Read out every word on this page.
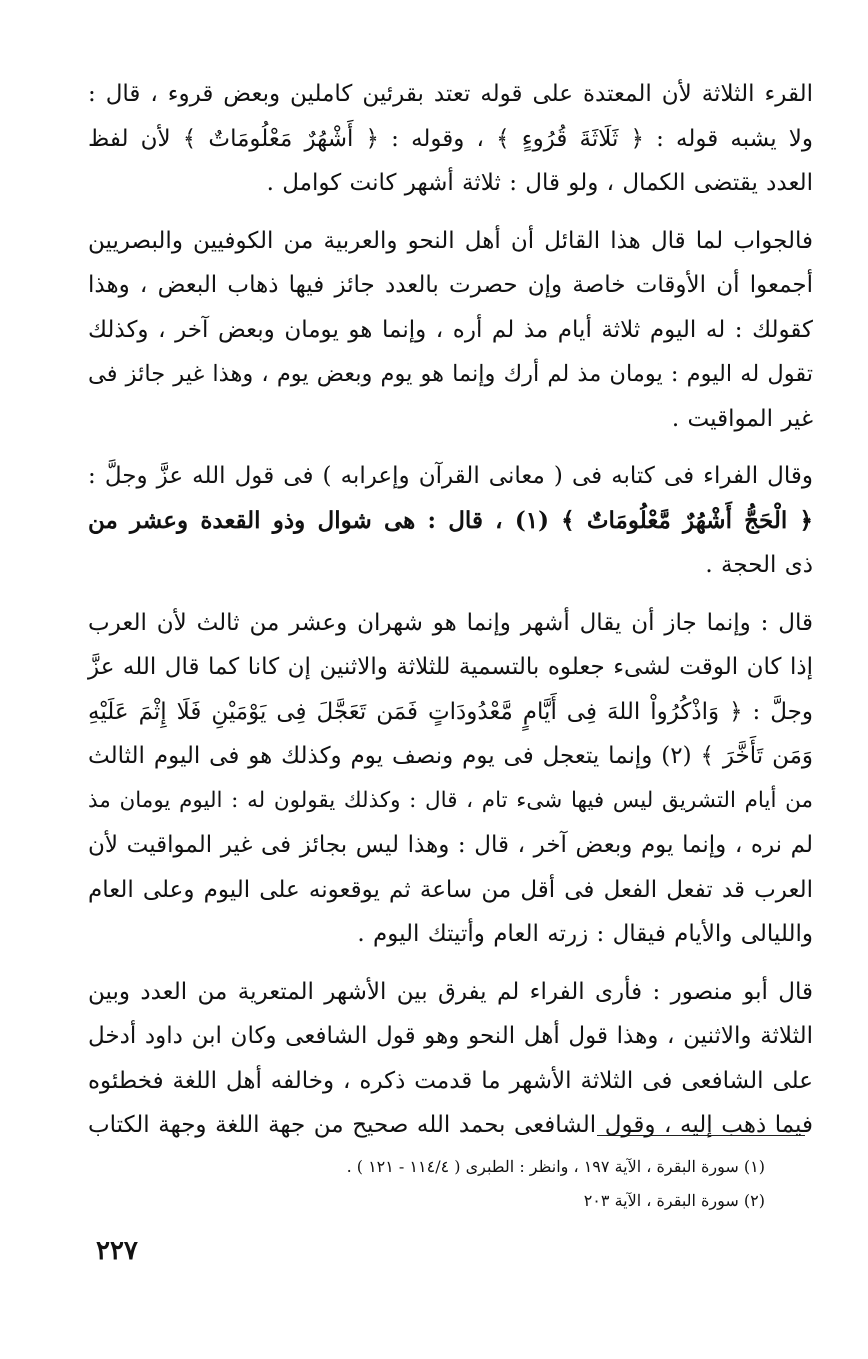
القرء الثلاثة لأن المعتدة على قوله تعتد بقرئين كاملين وبعض قروء ، قال :
ولا يشبه قوله : ﴿ ثَلَاثَةَ قُرُوءٍ ﴾ ، وقوله : ﴿ أَشْهُرٌ مَعْلُومَاتٌ ﴾ لأن لفظ
العدد يقتضى الكمال ، ولو قال : ثلاثة أشهر كانت كوامل .
فالجواب لما قال هذا القائل أن أهل النحو والعربية من الكوفيين والبصريين
أجمعوا أن الأوقات خاصة وإن حصرت بالعدد جائز فيها ذهاب البعض ، وهذا
كقولك : له اليوم ثلاثة أيام مذ لم أره ، وإنما هو يومان وبعض آخر ، وكذلك
تقول له اليوم : يومان مذ لم أرك وإنما هو يوم وبعض يوم ، وهذا غير جائز فى
غير المواقيت .
وقال الفراء فى كتابه فى ( معانى القرآن وإعرابه ) فى قول الله عزَّ وجلَّ :
﴿ الْحَجُّ أَشْهُرٌ مَّعْلُومَاتٌ ﴾ (١) ، قال : هى شوال وذو القعدة وعشر من
ذى الحجة .
قال : وإنما جاز أن يقال أشهر وإنما هو شهران وعشر من ثالث لأن العرب
إذا كان الوقت لشىء جعلوه بالتسمية للثلاثة والاثنين إن كانا كما قال الله عزَّ
وجلَّ : ﴿ وَاذْكُرُواْ اللهَ فِى أَيَّامٍ مَّعْدُودَاتٍ فَمَن تَعَجَّلَ فِى يَوْمَيْنِ فَلَا إِثْمَ عَلَيْهِ
وَمَن تَأَخَّرَ ﴾ (٢) وإنما يتعجل فى يوم ونصف يوم وكذلك هو فى اليوم الثالث
من أيام التشريق ليس فيها شىء تام ، قال : وكذلك يقولون له : اليوم يومان مذ
لم نره ، وإنما يوم وبعض آخر ، قال : وهذا ليس بجائز فى غير المواقيت لأن
العرب قد تفعل الفعل فى أقل من ساعة ثم يوقعونه على اليوم وعلى العام
والليالى والأيام فيقال : زرته العام وأتيتك اليوم .
قال أبو منصور : فأرى الفراء لم يفرق بين الأشهر المتعرية من العدد وبين
الثلاثة والاثنين ، وهذا قول أهل النحو وهو قول الشافعى وكان ابن داود أدخل
على الشافعى فى الثلاثة الأشهر ما قدمت ذكره ، وخالفه أهل اللغة فخطئوه
فيما ذهب إليه ، وقول الشافعى بحمد الله صحيح من جهة اللغة وجهة الكتاب
(١) سورة البقرة ، الآية ١٩٧ ، وانظر : الطبرى ( ١١٤/٤ - ١٢١ ) .
(٢) سورة البقرة ، الآية ٢٠٣
٢٢٧
